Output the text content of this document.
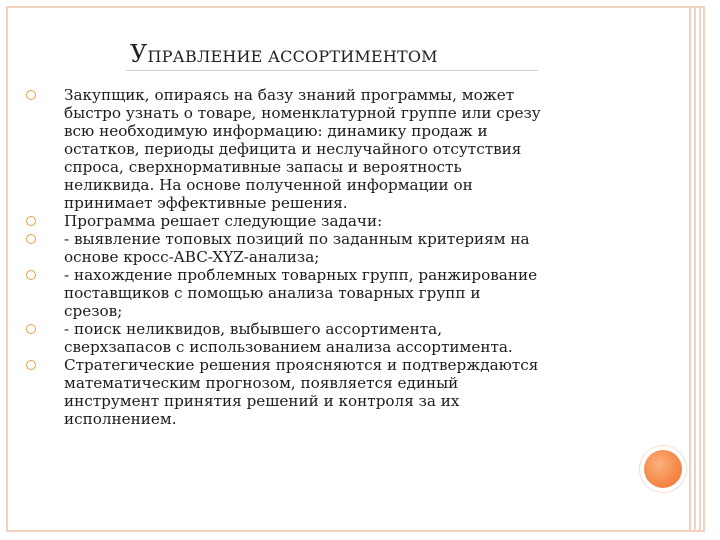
УПРАВЛЕНИЕ АССОРТИМЕНТОМ
Закупщик, опираясь на базу знаний программы, может
быстро узнать о товаре, номенклатурной группе или срезу
всю необходимую информацию: динамику продаж и
остатков, периоды дефицита и неслучайного отсутствия
спроса, сверхнормативные запасы и вероятность
неликвида. На основе полученной информации он
принимает эффективные решения.
Программа решает следующие задачи:
- выявление топовых позиций по заданным критериям на
основе кросс-ABC-XYZ-анализа;
- нахождение проблемных товарных групп, ранжирование
поставщиков с помощью анализа товарных групп и
срезов;
- поиск неликвидов, выбывшего ассортимента,
сверхзапасов с использованием анализа ассортимента.
Стратегические решения проясняются и подтверждаются
математическим прогнозом, появляется единый
инструмент принятия решений и контроля за их
исполнением.
